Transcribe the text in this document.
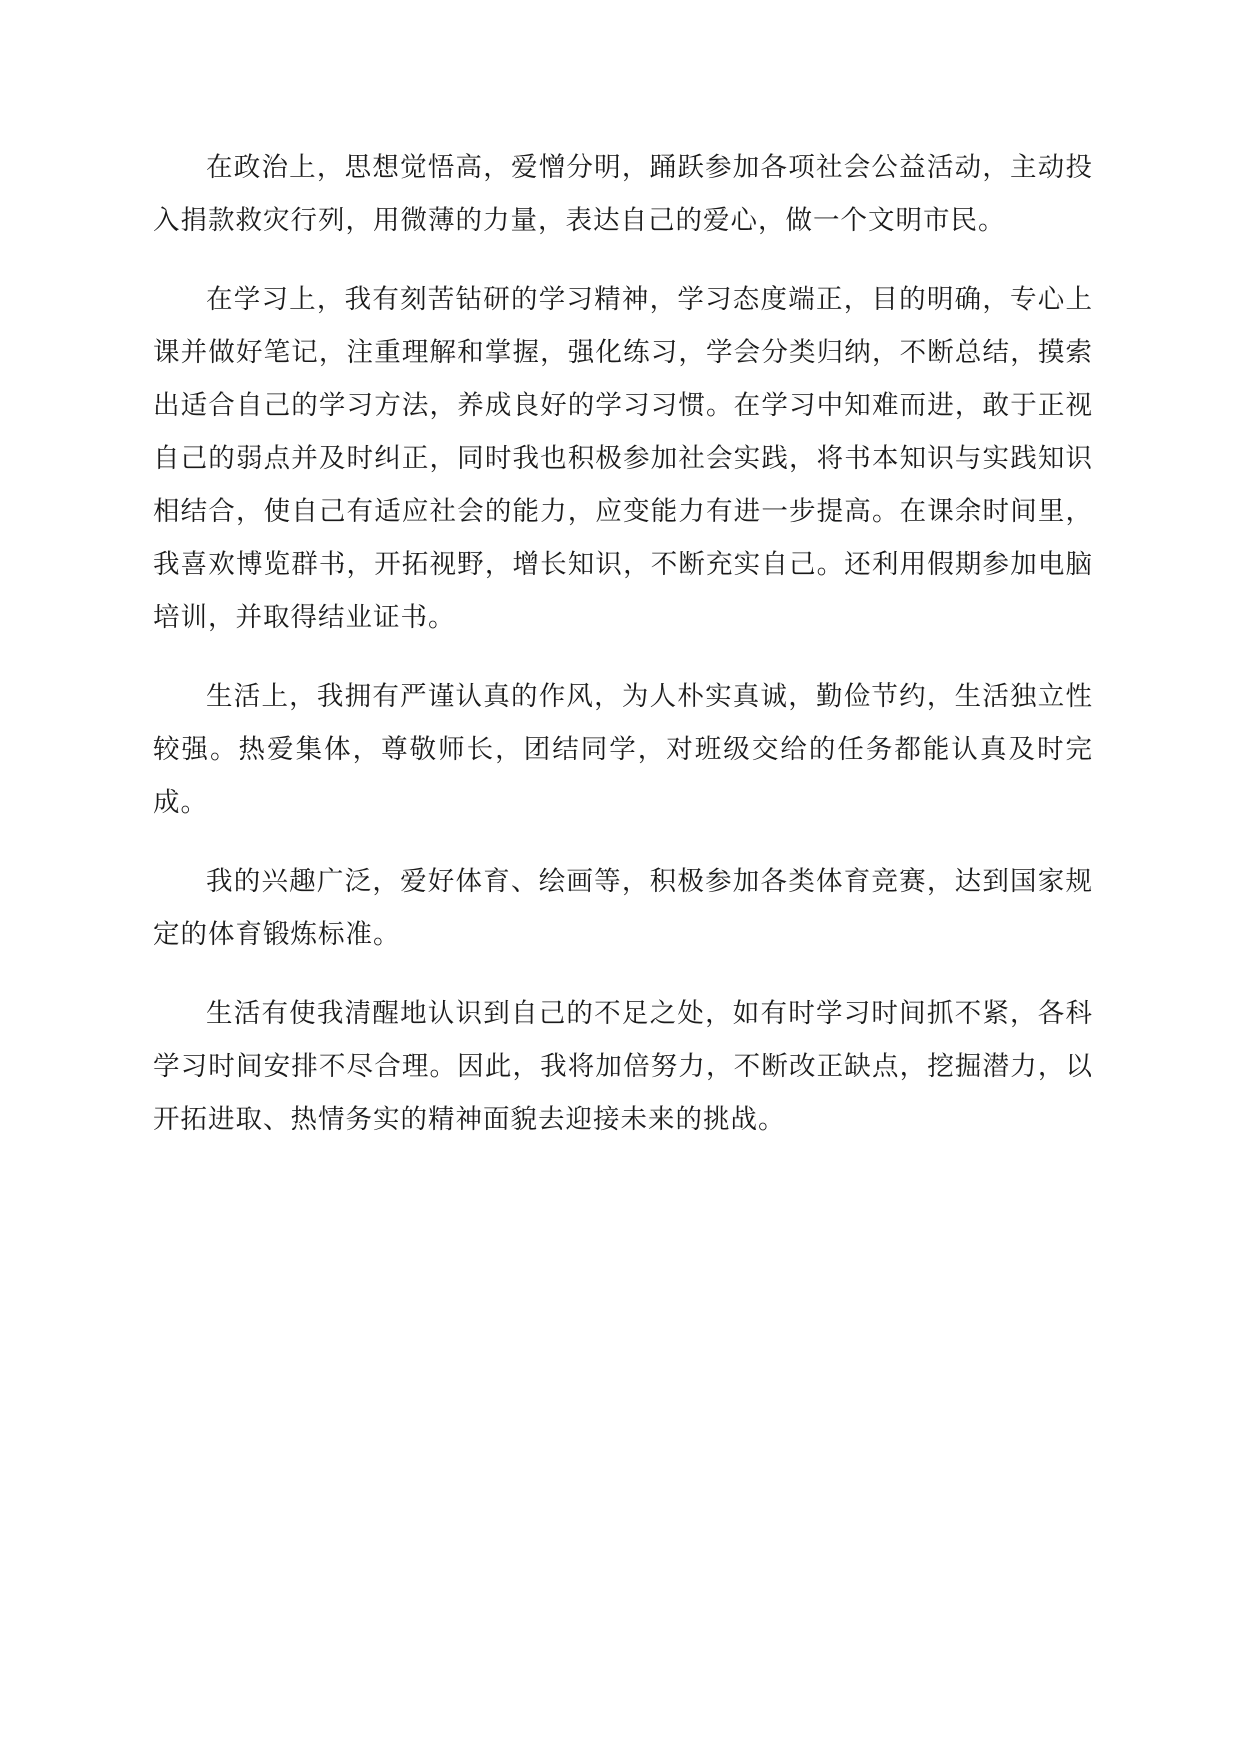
在政治上，思想觉悟高，爱憎分明，踊跃参加各项社会公益活动，主动投入捐款救灾行列，用微薄的力量，表达自己的爱心，做一个文明市民。

在学习上，我有刻苦钻研的学习精神，学习态度端正，目的明确，专心上课并做好笔记，注重理解和掌握，强化练习，学会分类归纳，不断总结，摸索出适合自己的学习方法，养成良好的学习习惯。在学习中知难而进，敢于正视自己的弱点并及时纠正，同时我也积极参加社会实践，将书本知识与实践知识相结合，使自己有适应社会的能力，应变能力有进一步提高。在课余时间里，我喜欢博览群书，开拓视野，增长知识，不断充实自己。还利用假期参加电脑培训，并取得结业证书。

生活上，我拥有严谨认真的作风，为人朴实真诚，勤俭节约，生活独立性较强。热爱集体，尊敬师长，团结同学，对班级交给的任务都能认真及时完成。

我的兴趣广泛，爱好体育、绘画等，积极参加各类体育竞赛，达到国家规定的体育锻炼标准。

生活有使我清醒地认识到自己的不足之处，如有时学习时间抓不紧，各科学习时间安排不尽合理。因此，我将加倍努力，不断改正缺点，挖掘潜力，以开拓进取、热情务实的精神面貌去迎接未来的挑战。
